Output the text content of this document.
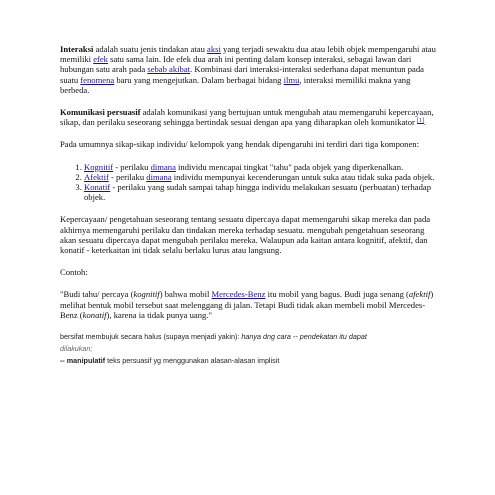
Interaksi adalah suatu jenis tindakan atau aksi yang terjadi sewaktu dua atau lebih objek mempengaruhi atau memiliki efek satu sama lain. Ide efek dua arah ini penting dalam konsep interaksi, sebagai lawan dari hubungan satu arah pada sebab akibat. Kombinasi dari interaksi-interaksi sederhana dapat menuntun pada suatu fenomena baru yang mengejutkan. Dalam berbagai bidang ilmu, interaksi memiliki makna yang berbeda.

Komunikasi persuasif adalah komunikasi yang bertujuan untuk mengubah atau memengaruhi kepercayaan, sikap, dan perilaku seseorang sehingga bertindak sesuai dengan apa yang diharapkan oleh komunikator [1].

Pada umumnya sikap-sikap individu/ kelompok yang hendak dipengaruhi ini terdiri dari tiga komponen:

1. Kognitif - perilaku dimana individu mencapai tingkat "tahu" pada objek yang diperkenalkan.
2. Afektif - perilaku dimana individu mempunyai kecenderungan untuk suka atau tidak suka pada objek.
3. Konatif - perilaku yang sudah sampai tahap hingga individu melakukan sesuatu (perbuatan) terhadap objek.

Kepercayaan/ pengetahuan seseorang tentang sesuatu dipercaya dapat memengaruhi sikap mereka dan pada akhirnya memengaruhi perilaku dan tindakan mereka terhadap sesuatu. mengubah pengetahuan seseorang akan sesuatu dipercaya dapat mengubah perilaku mereka. Walaupun ada kaitan antara kognitif, afektif, dan konatif - keterkaitan ini tidak selalu berlaku lurus atau langsung.

Contoh:

"Budi tahu/ percaya (kognitif) bahwa mobil Mercedes-Benz itu mobil yang bagus. Budi juga senang (afektif) melihat bentuk mobil tersebut saat melenggang di jalan. Tetapi Budi tidak akan membeli mobil Mercedes-Benz (konatif), karena ia tidak punya uang."

bersifat membujuk secara halus (supaya menjadi yakin): hanya dng cara -- pendekatan itu dapat

dilakukan;

-- manipulatif teks persuasif yg menggunakan alasan-alasan implisit
